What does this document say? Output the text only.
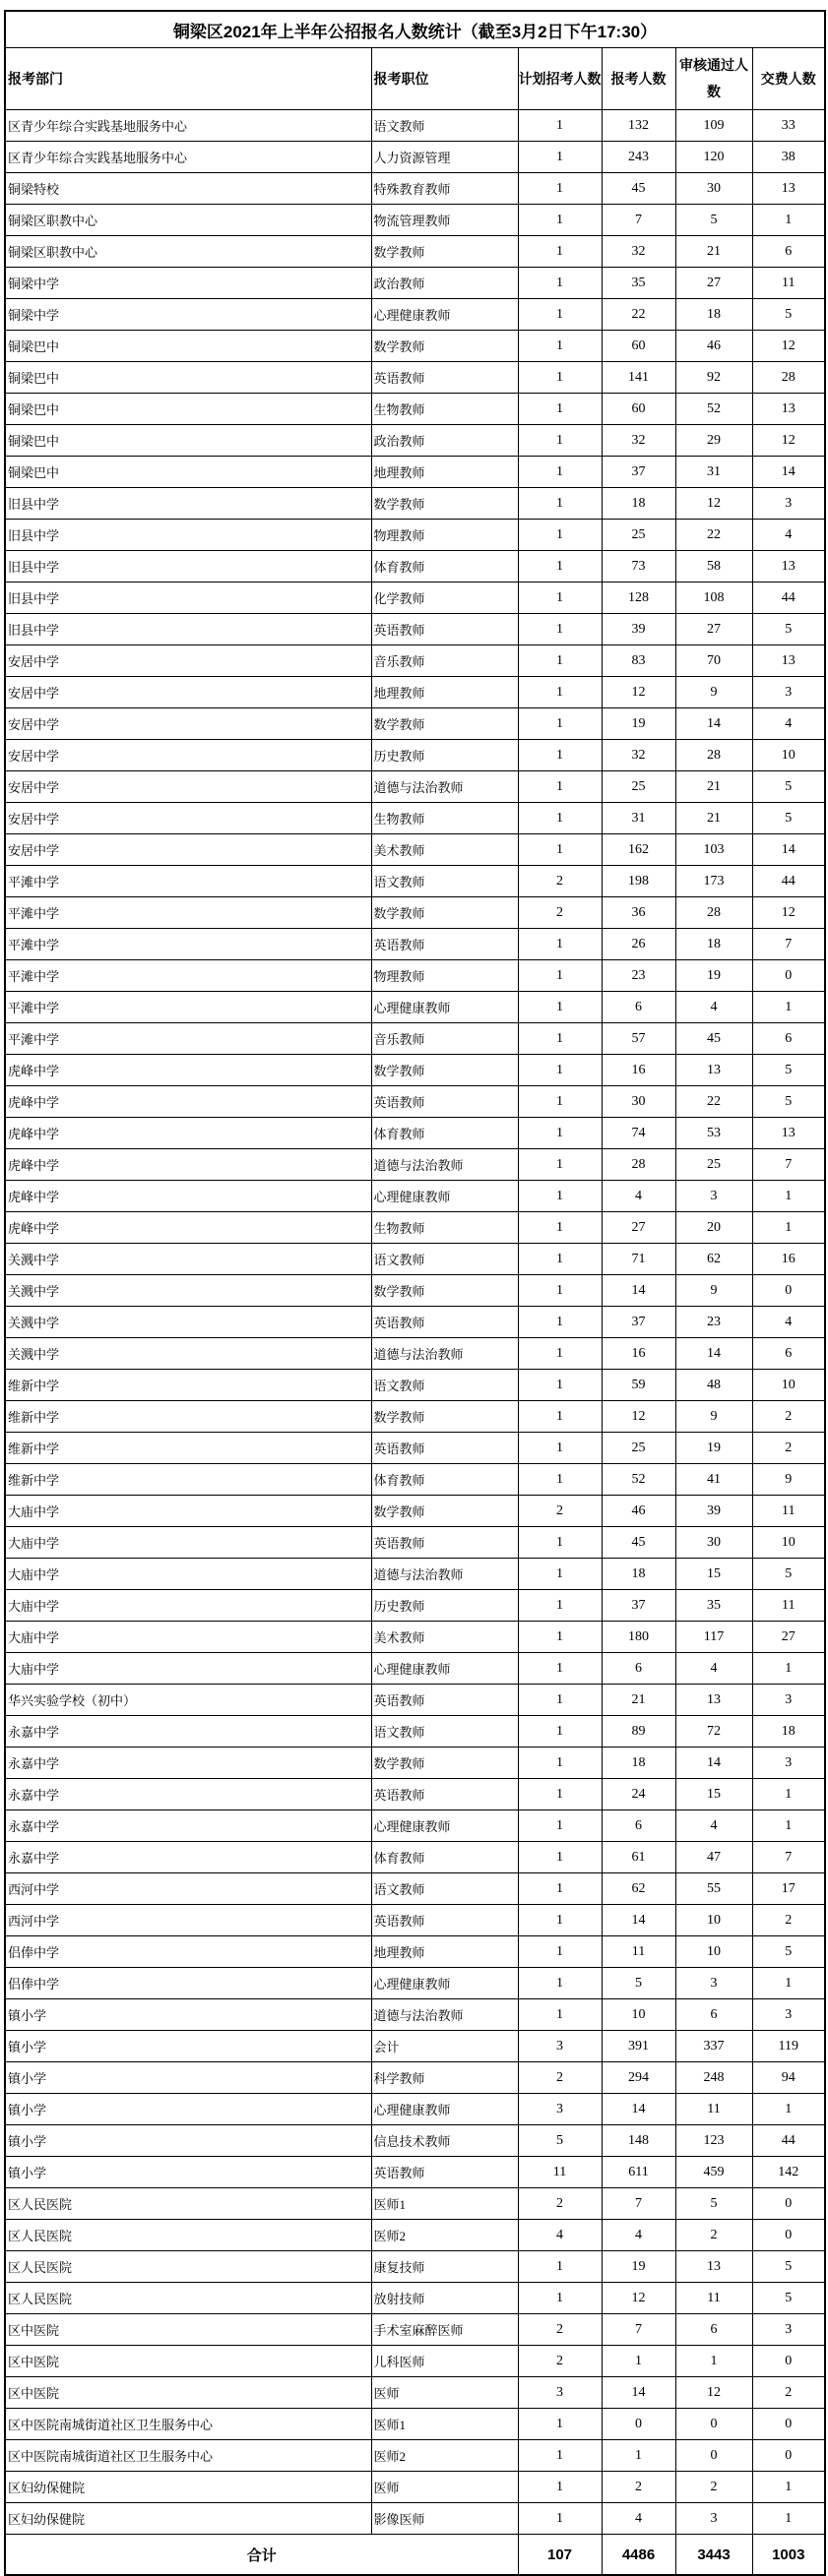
铜梁区2021年上半年公招报名人数统计（截至3月2日下午17:30）					
报考部门	报考职位	计划招考人数	报考人数	审核通过人数	交费人数
区青少年综合实践基地服务中心	语文教师	1	132	109	33
区青少年综合实践基地服务中心	人力资源管理	1	243	120	38
铜梁特校	特殊教育教师	1	45	30	13
铜梁区职教中心	物流管理教师	1	7	5	1
铜梁区职教中心	数学教师	1	32	21	6
铜梁中学	政治教师	1	35	27	11
铜梁中学	心理健康教师	1	22	18	5
铜梁巴中	数学教师	1	60	46	12
铜梁巴中	英语教师	1	141	92	28
铜梁巴中	生物教师	1	60	52	13
铜梁巴中	政治教师	1	32	29	12
铜梁巴中	地理教师	1	37	31	14
旧县中学	数学教师	1	18	12	3
旧县中学	物理教师	1	25	22	4
旧县中学	体育教师	1	73	58	13
旧县中学	化学教师	1	128	108	44
旧县中学	英语教师	1	39	27	5
安居中学	音乐教师	1	83	70	13
安居中学	地理教师	1	12	9	3
安居中学	数学教师	1	19	14	4
安居中学	历史教师	1	32	28	10
安居中学	道德与法治教师	1	25	21	5
安居中学	生物教师	1	31	21	5
安居中学	美术教师	1	162	103	14
平滩中学	语文教师	2	198	173	44
平滩中学	数学教师	2	36	28	12
平滩中学	英语教师	1	26	18	7
平滩中学	物理教师	1	23	19	0
平滩中学	心理健康教师	1	6	4	1
平滩中学	音乐教师	1	57	45	6
虎峰中学	数学教师	1	16	13	5
虎峰中学	英语教师	1	30	22	5
虎峰中学	体育教师	1	74	53	13
虎峰中学	道德与法治教师	1	28	25	7
虎峰中学	心理健康教师	1	4	3	1
虎峰中学	生物教师	1	27	20	1
关溅中学	语文教师	1	71	62	16
关溅中学	数学教师	1	14	9	0
关溅中学	英语教师	1	37	23	4
关溅中学	道德与法治教师	1	16	14	6
维新中学	语文教师	1	59	48	10
维新中学	数学教师	1	12	9	2
维新中学	英语教师	1	25	19	2
维新中学	体育教师	1	52	41	9
大庙中学	数学教师	2	46	39	11
大庙中学	英语教师	1	45	30	10
大庙中学	道德与法治教师	1	18	15	5
大庙中学	历史教师	1	37	35	11
大庙中学	美术教师	1	180	117	27
大庙中学	心理健康教师	1	6	4	1
华兴实验学校（初中）	英语教师	1	21	13	3
永嘉中学	语文教师	1	89	72	18
永嘉中学	数学教师	1	18	14	3
永嘉中学	英语教师	1	24	15	1
永嘉中学	心理健康教师	1	6	4	1
永嘉中学	体育教师	1	61	47	7
西河中学	语文教师	1	62	55	17
西河中学	英语教师	1	14	10	2
侣俸中学	地理教师	1	11	10	5
侣俸中学	心理健康教师	1	5	3	1
镇小学	道德与法治教师	1	10	6	3
镇小学	会计	3	391	337	119
镇小学	科学教师	2	294	248	94
镇小学	心理健康教师	3	14	11	1
镇小学	信息技术教师	5	148	123	44
镇小学	英语教师	11	611	459	142
区人民医院	医师1	2	7	5	0
区人民医院	医师2	4	4	2	0
区人民医院	康复技师	1	19	13	5
区人民医院	放射技师	1	12	11	5
区中医院	手术室麻醉医师	2	7	6	3
区中医院	儿科医师	2	1	1	0
区中医院	医师	3	14	12	2
区中医院南城街道社区卫生服务中心	医师1	1	0	0	0
区中医院南城街道社区卫生服务中心	医师2	1	1	0	0
区妇幼保健院	医师	1	2	2	1
区妇幼保健院	影像医师	1	4	3	1
合计		107	4486	3443	1003
